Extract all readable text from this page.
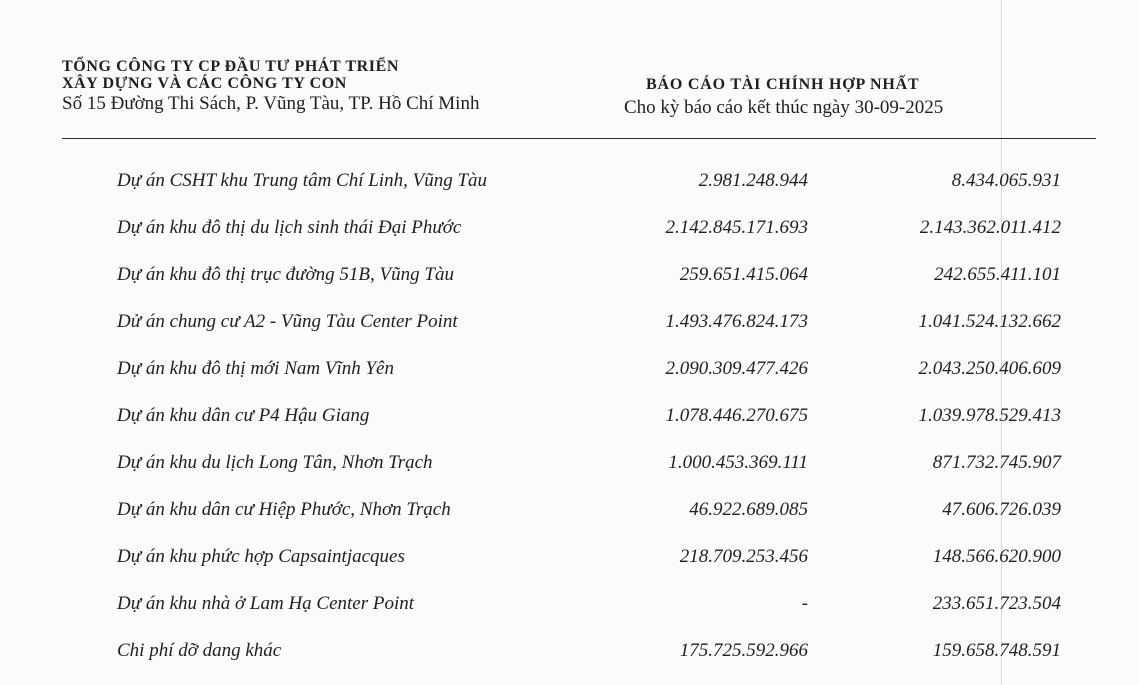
TỔNG CÔNG TY CP ĐẦU TƯ PHÁT TRIỂN
XÂY DỰNG VÀ CÁC CÔNG TY CON
Số 15 Đường Thi Sách, P. Vũng Tàu, TP. Hồ Chí Minh
BÁO CÁO TÀI CHÍNH HỢP NHẤT
Cho kỳ báo cáo kết thúc ngày 30-09-2025
Dự án CSHT khu Trung tâm Chí Linh, Vũng Tàu	2.981.248.944	8.434.065.931
Dự án khu đô thị du lịch sinh thái Đại Phước	2.142.845.171.693	2.143.362.011.412
Dự án khu đô thị trục đường 51B, Vũng Tàu	259.651.415.064	242.655.411.101
Dử án chung cư A2 - Vũng Tàu Center Point	1.493.476.824.173	1.041.524.132.662
Dự án khu đô thị mới Nam Vĩnh Yên	2.090.309.477.426	2.043.250.406.609
Dự án khu dân cư P4 Hậu Giang	1.078.446.270.675	1.039.978.529.413
Dự án khu du lịch Long Tân, Nhơn Trạch	1.000.453.369.111	871.732.745.907
Dự án khu dân cư Hiệp Phước, Nhơn Trạch	46.922.689.085	47.606.726.039
Dự án khu phức hợp Capsaintjacques	218.709.253.456	148.566.620.900
Dự án khu nhà ở Lam Hạ Center Point	-	233.651.723.504
Chi phí dỡ dang khác	175.725.592.966	159.658.748.591
